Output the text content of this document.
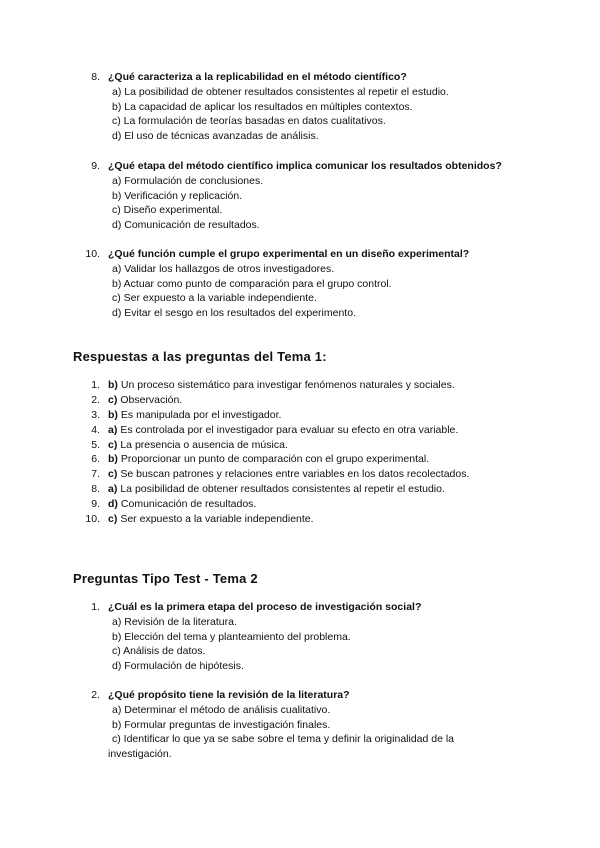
8. ¿Qué caracteriza a la replicabilidad en el método científico?
a) La posibilidad de obtener resultados consistentes al repetir el estudio.
b) La capacidad de aplicar los resultados en múltiples contextos.
c) La formulación de teorías basadas en datos cualitativos.
d) El uso de técnicas avanzadas de análisis.
9. ¿Qué etapa del método científico implica comunicar los resultados obtenidos?
a) Formulación de conclusiones.
b) Verificación y replicación.
c) Diseño experimental.
d) Comunicación de resultados.
10. ¿Qué función cumple el grupo experimental en un diseño experimental?
a) Validar los hallazgos de otros investigadores.
b) Actuar como punto de comparación para el grupo control.
c) Ser expuesto a la variable independiente.
d) Evitar el sesgo en los resultados del experimento.
Respuestas a las preguntas del Tema 1:
1. b) Un proceso sistemático para investigar fenómenos naturales y sociales.
2. c) Observación.
3. b) Es manipulada por el investigador.
4. a) Es controlada por el investigador para evaluar su efecto en otra variable.
5. c) La presencia o ausencia de música.
6. b) Proporcionar un punto de comparación con el grupo experimental.
7. c) Se buscan patrones y relaciones entre variables en los datos recolectados.
8. a) La posibilidad de obtener resultados consistentes al repetir el estudio.
9. d) Comunicación de resultados.
10. c) Ser expuesto a la variable independiente.
Preguntas Tipo Test - Tema 2
1. ¿Cuál es la primera etapa del proceso de investigación social?
a) Revisión de la literatura.
b) Elección del tema y planteamiento del problema.
c) Análisis de datos.
d) Formulación de hipótesis.
2. ¿Qué propósito tiene la revisión de la literatura?
a) Determinar el método de análisis cualitativo.
b) Formular preguntas de investigación finales.
c) Identificar lo que ya se sabe sobre el tema y definir la originalidad de la investigación.
